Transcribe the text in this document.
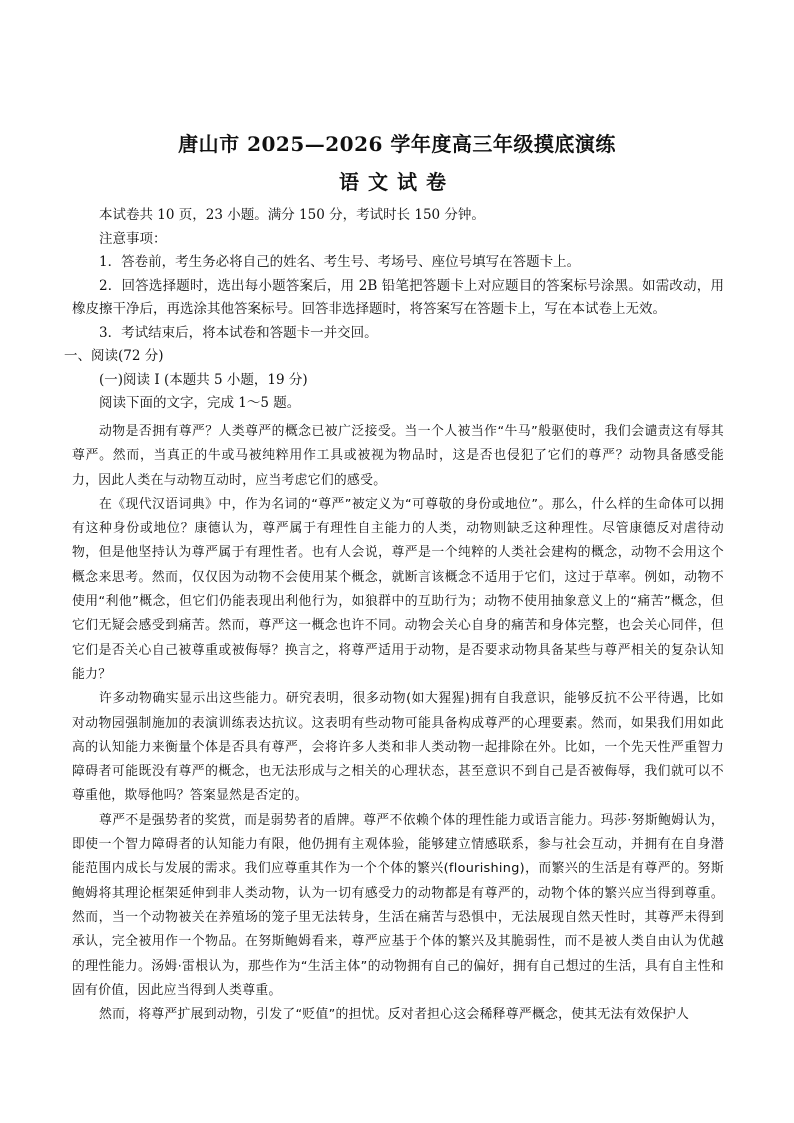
唐山市 2025—2026 学年度高三年级摸底演练
语文试卷

本试卷共 10 页，23 小题。满分 150 分，考试时长 150 分钟。

注意事项：

1．答卷前，考生务必将自己的姓名、考生号、考场号、座位号填写在答题卡上。

2．回答选择题时，选出每小题答案后，用 2B 铅笔把答题卡上对应题目的答案标号涂黑。如需改动，用橡皮擦干净后，再选涂其他答案标号。回答非选择题时，将答案写在答题卡上，写在本试卷上无效。

3．考试结束后，将本试卷和答题卡一并交回。

一、阅读(72 分)

(一)阅读 I (本题共 5 小题，19 分)

阅读下面的文字，完成 1～5 题。

动物是否拥有尊严？人类尊严的概念已被广泛接受。当一个人被当作“牛马”般驱使时，我们会谴责这有辱其尊严。然而，当真正的牛或马被纯粹用作工具或被视为物品时，这是否也侵犯了它们的尊严？动物具备感受能力，因此人类在与动物互动时，应当考虑它们的感受。

在《现代汉语词典》中，作为名词的“尊严”被定义为“可尊敬的身份或地位”。那么，什么样的生命体可以拥有这种身份或地位？康德认为，尊严属于有理性自主能力的人类，动物则缺乏这种理性。尽管康德反对虐待动物，但是他坚持认为尊严属于有理性者。也有人会说，尊严是一个纯粹的人类社会建构的概念，动物不会用这个概念来思考。然而，仅仅因为动物不会使用某个概念，就断言该概念不适用于它们，这过于草率。例如，动物不使用“利他”概念，但它们仍能表现出利他行为，如狼群中的互助行为；动物不使用抽象意义上的“痛苦”概念，但它们无疑会感受到痛苦。然而，尊严这一概念也许不同。动物会关心自身的痛苦和身体完整，也会关心同伴，但它们是否关心自己被尊重或被侮辱？换言之，将尊严适用于动物，是否要求动物具备某些与尊严相关的复杂认知能力？

许多动物确实显示出这些能力。研究表明，很多动物(如大猩猩)拥有自我意识，能够反抗不公平待遇，比如对动物园强制施加的表演训练表达抗议。这表明有些动物可能具备构成尊严的心理要素。然而，如果我们用如此高的认知能力来衡量个体是否具有尊严，会将许多人类和非人类动物一起排除在外。比如，一个先天性严重智力障碍者可能既没有尊严的概念，也无法形成与之相关的心理状态，甚至意识不到自己是否被侮辱，我们就可以不尊重他，欺辱他吗？答案显然是否定的。

尊严不是强势者的奖赏，而是弱势者的盾牌。尊严不依赖个体的理性能力或语言能力。玛莎·努斯鲍姆认为，即使一个智力障碍者的认知能力有限，他仍拥有主观体验，能够建立情感联系，参与社会互动，并拥有在自身潜能范围内成长与发展的需求。我们应尊重其作为一个个体的繁兴(flourishing)，而繁兴的生活是有尊严的。努斯鲍姆将其理论框架延伸到非人类动物，认为一切有感受力的动物都是有尊严的，动物个体的繁兴应当得到尊重。然而，当一个动物被关在养殖场的笼子里无法转身，生活在痛苦与恐惧中，无法展现自然天性时，其尊严未得到承认，完全被用作一个物品。在努斯鲍姆看来，尊严应基于个体的繁兴及其脆弱性，而不是被人类自由认为优越的理性能力。汤姆·雷根认为，那些作为“生活主体”的动物拥有自己的偏好，拥有自己想过的生活，具有自主性和固有价值，因此应当得到人类尊重。

然而，将尊严扩展到动物，引发了“贬值”的担忧。反对者担心这会稀释尊严概念，使其无法有效保护人
